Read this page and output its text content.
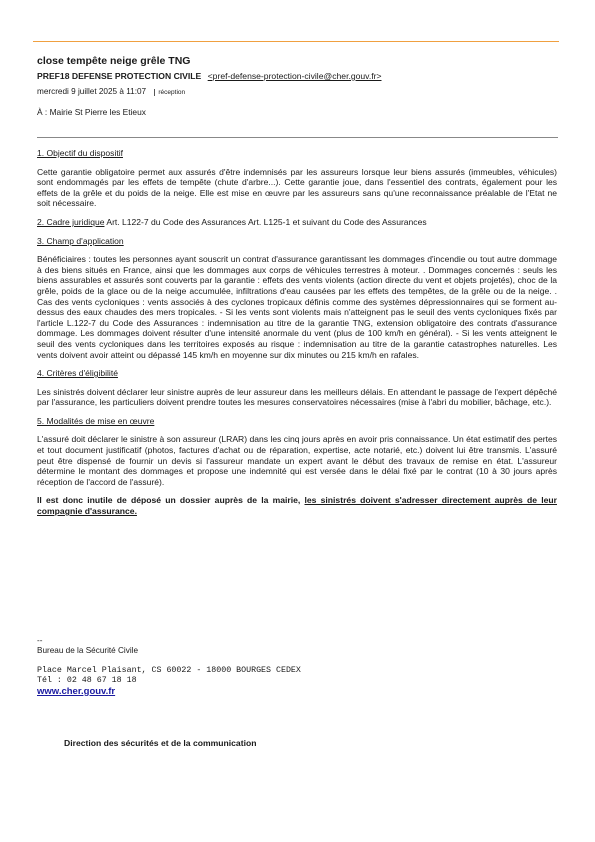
close tempête neige grêle TNG
PREF18 DEFENSE PROTECTION CIVILE <pref-defense-protection-civile@cher.gouv.fr>
mercredi 9 juillet 2025 à 11:07 réception
À : Mairie St Pierre les Etieux
1. Objectif du dispositif

Cette garantie obligatoire permet aux assurés d'être indemnisés par les assureurs lorsque leur biens assurés (immeubles, véhicules) sont endommagés par les effets de tempête (chute d'arbre...). Cette garantie joue, dans l'essentiel des contrats, également pour les effets de la grêle et du poids de la neige. Elle est mise en œuvre par les assureurs sans qu'une reconnaissance préalable de l'Etat ne soit nécessaire.

2. Cadre juridique Art. L122-7 du Code des Assurances Art. L125-1 et suivant du Code des Assurances
3. Champ d'application

Bénéficiaires : toutes les personnes ayant souscrit un contrat d'assurance garantissant les dommages d'incendie ou tout autre dommage à des biens situés en France, ainsi que les dommages aux corps de véhicules terrestres à moteur. . Dommages concernés : seuls les biens assurables et assurés sont couverts par la garantie : effets des vents violents (action directe du vent et objets projetés), choc de la grêle, poids de la glace ou de la neige accumulée, infiltrations d'eau causées par les effets des tempêtes, de la grêle ou de la neige. . Cas des vents cycloniques : vents associés à des cyclones tropicaux définis comme des systèmes dépressionnaires qui se forment au-dessus des eaux chaudes des mers tropicales. - Si les vents sont violents mais n'atteignent pas le seuil des vents cycloniques fixés par l'article L.122-7 du Code des Assurances : indemnisation au titre de la garantie TNG, extension obligatoire des contrats d'assurance dommage. Les dommages doivent résulter d'une intensité anormale du vent (plus de 100 km/h en général). - Si les vents atteignent le seuil des vents cycloniques dans les territoires exposés au risque : indemnisation au titre de la garantie catastrophes naturelles. Les vents doivent avoir atteint ou dépassé 145 km/h en moyenne sur dix minutes ou 215 km/h en rafales.

4. Critères d'éligibilité

Les sinistrés doivent déclarer leur sinistre auprès de leur assureur dans les meilleurs délais. En attendant le passage de l'expert dépêché par l'assurance, les particuliers doivent prendre toutes les mesures conservatoires nécessaires (mise à l'abri du mobilier, bâchage, etc.).

5. Modalités de mise en œuvre

L'assuré doit déclarer le sinistre à son assureur (LRAR) dans les cinq jours après en avoir pris connaissance. Un état estimatif des pertes et tout document justificatif (photos, factures d'achat ou de réparation, expertise, acte notarié, etc.) doivent lui être transmis. L'assuré peut être dispensé de fournir un devis si l'assureur mandate un expert avant le début des travaux de remise en état. L'assureur détermine le montant des dommages et propose une indemnité qui est versée dans le délai fixé par le contrat (10 à 30 jours après réception de l'accord de l'assuré).

Il est donc inutile de déposé un dossier auprès de la mairie, les sinistrés doivent s'adresser directement auprès de leur compagnie d'assurance.

--
Bureau de la Sécurité Civile
Place Marcel Plaisant, CS 60022 - 18000 BOURGES CEDEX
Tél : 02 48 67 18 18
www.cher.gouv.fr
Direction des sécurités et de la communication
